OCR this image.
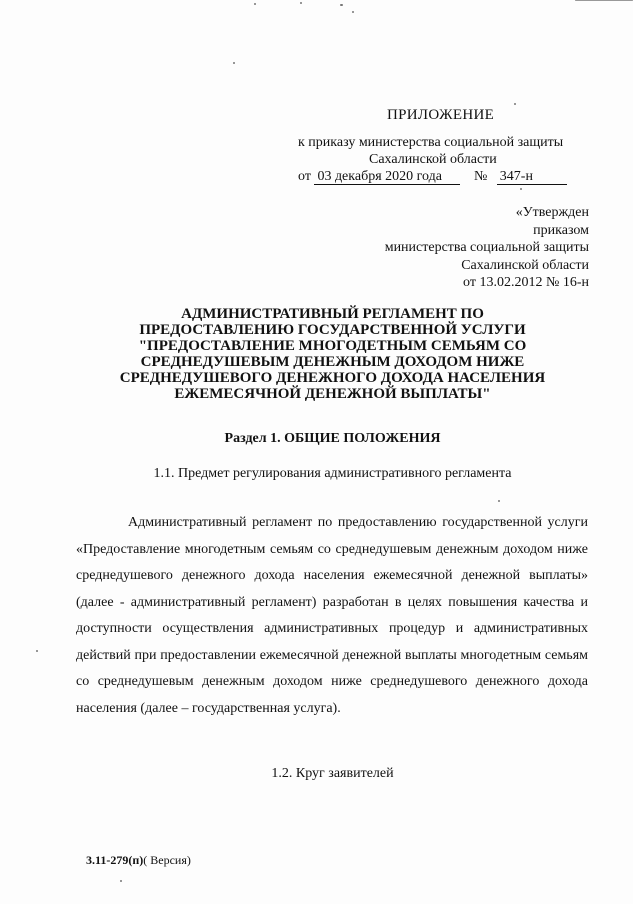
ПРИЛОЖЕНИЕ
к приказу министерства социальной защиты
Сахалинской области
от 03 декабря 2020 года № 347-н
«Утвержден
приказом
министерства социальной защиты
Сахалинской области
от 13.02.2012 № 16-н
АДМИНИСТРАТИВНЫЙ РЕГЛАМЕНТ ПО
ПРЕДОСТАВЛЕНИЮ ГОСУДАРСТВЕННОЙ УСЛУГИ
"ПРЕДОСТАВЛЕНИЕ МНОГОДЕТНЫМ СЕМЬЯМ СО
СРЕДНЕДУШЕВЫМ ДЕНЕЖНЫМ ДОХОДОМ НИЖЕ
СРЕДНЕДУШЕВОГО ДЕНЕЖНОГО ДОХОДА НАСЕЛЕНИЯ
ЕЖЕМЕСЯЧНОЙ ДЕНЕЖНОЙ ВЫПЛАТЫ"
Раздел 1. ОБЩИЕ ПОЛОЖЕНИЯ
1.1. Предмет регулирования административного регламента

Административный регламент по предоставлению государственной услуги «Предоставление многодетным семьям со среднедушевым денежным доходом ниже среднедушевого денежного дохода населения ежемесячной денежной выплаты» (далее - административный регламент) разработан в целях повышения качества и доступности осуществления административных процедур и административных действий при предоставлении ежемесячной денежной выплаты многодетным семьям со среднедушевым денежным доходом ниже среднедушевого денежного дохода населения (далее – государственная услуга).

1.2. Круг заявителей
3.11-279(п)( Версия)
